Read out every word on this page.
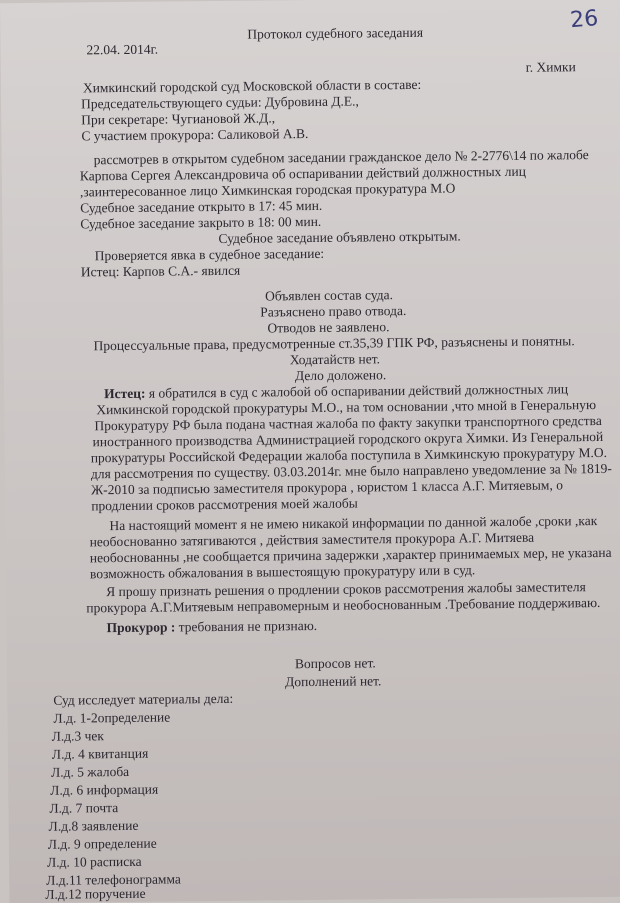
26
Протокол судебного заседания
22.04. 2014г.
г. Химки
Химкинский городской суд Московской области в составе:
Председательствующего судьи: Дубровина Д.Е.,
При секретаре: Чугиановой Ж.Д.,
С участием прокурора: Саликовой А.В.
рассмотрев в открытом судебном заседании гражданское дело № 2-2776\14 по жалобе
Карпова Сергея Александровича об оспаривании действий должностных лиц
,заинтересованное лицо Химкинская городская прокуратура М.О
Судебное заседание открыто в 17: 45 мин.
Судебное заседание закрыто в 18: 00 мин.
Судебное заседание объявлено открытым.
Проверяется явка в судебное заседание:
Истец: Карпов С.А.- явился
Объявлен состав суда.
Разъяснено право отвода.
Отводов не заявлено.
Процессуальные права, предусмотренные ст.35,39 ГПК РФ, разъяснены и понятны.
Ходатайств нет.
Дело доложено.
Истец: я обратился в суд с жалобой об оспаривании действий должностных лиц
Химкинской городской прокуратуры М.О., на том основании ,что мной в Генеральную
Прокуратуру РФ была подана частная жалоба по факту закупки транспортного средства
иностранного производства Администрацией городского округа Химки. Из Генеральной
прокуратуры Российской Федерации жалоба поступила в Химкинскую прокуратуру М.О.
для рассмотрения по существу. 03.03.2014г. мне было направлено уведомление за № 1819-
Ж-2010 за подписью заместителя прокурора , юристом 1 класса А.Г. Митяевым, о
продлении сроков рассмотрения моей жалобы
На настоящий момент я не имею никакой информации по данной жалобе ,сроки ,как
необоснованно затягиваются , действия заместителя прокурора А.Г. Митяева
необоснованны ,не сообщается причина задержки ,характер принимаемых мер, не указана
возможность обжалования в вышестоящую прокуратуру или в суд.
Я прошу признать решения о продлении сроков рассмотрения жалобы заместителя
прокурора А.Г.Митяевым неправомерным и необоснованным .Требование поддерживаю.
Прокурор : требования не признаю.
Вопросов нет.
Дополнений нет.
Суд исследует материалы дела:
Л.д. 1-2определение
Л.д.3 чек
Л.д. 4 квитанция
Л.д. 5 жалоба
Л.д. 6 информация
Л.д. 7 почта
Л.д.8 заявление
Л.д. 9 определение
Л.д. 10 расписка
Л.д.11 телефонограмма
Л.д.12 поручение
